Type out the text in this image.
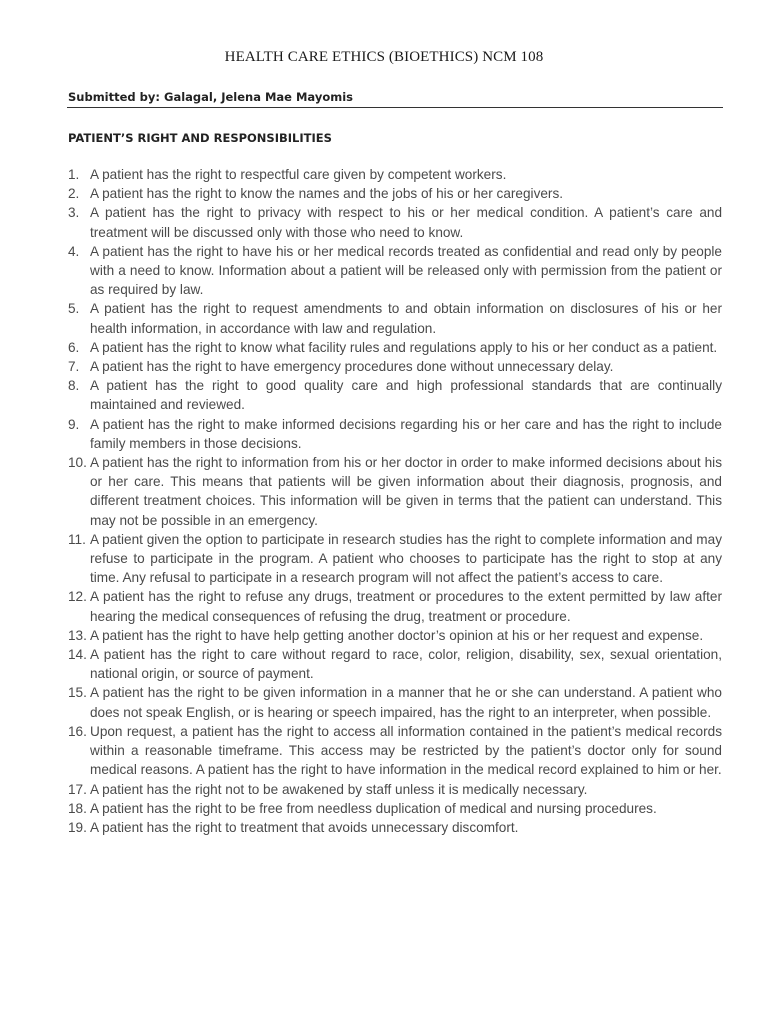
HEALTH CARE ETHICS (BIOETHICS) NCM 108
Submitted by: Galagal, Jelena Mae Mayomis
PATIENT’S RIGHT AND RESPONSIBILITIES
1. A patient has the right to respectful care given by competent workers.
2. A patient has the right to know the names and the jobs of his or her caregivers.
3. A patient has the right to privacy with respect to his or her medical condition. A patient’s care and treatment will be discussed only with those who need to know.
4. A patient has the right to have his or her medical records treated as confidential and read only by people with a need to know. Information about a patient will be released only with permission from the patient or as required by law.
5. A patient has the right to request amendments to and obtain information on disclosures of his or her health information, in accordance with law and regulation.
6. A patient has the right to know what facility rules and regulations apply to his or her conduct as a patient.
7. A patient has the right to have emergency procedures done without unnecessary delay.
8. A patient has the right to good quality care and high professional standards that are continually maintained and reviewed.
9. A patient has the right to make informed decisions regarding his or her care and has the right to include family members in those decisions.
10. A patient has the right to information from his or her doctor in order to make informed decisions about his or her care. This means that patients will be given information about their diagnosis, prognosis, and different treatment choices. This information will be given in terms that the patient can understand. This may not be possible in an emergency.
11. A patient given the option to participate in research studies has the right to complete information and may refuse to participate in the program. A patient who chooses to participate has the right to stop at any time. Any refusal to participate in a research program will not affect the patient’s access to care.
12. A patient has the right to refuse any drugs, treatment or procedures to the extent permitted by law after hearing the medical consequences of refusing the drug, treatment or procedure.
13. A patient has the right to have help getting another doctor’s opinion at his or her request and expense.
14. A patient has the right to care without regard to race, color, religion, disability, sex, sexual orientation, national origin, or source of payment.
15. A patient has the right to be given information in a manner that he or she can understand. A patient who does not speak English, or is hearing or speech impaired, has the right to an interpreter, when possible.
16. Upon request, a patient has the right to access all information contained in the patient’s medical records within a reasonable timeframe. This access may be restricted by the patient’s doctor only for sound medical reasons. A patient has the right to have information in the medical record explained to him or her.
17. A patient has the right not to be awakened by staff unless it is medically necessary.
18. A patient has the right to be free from needless duplication of medical and nursing procedures.
19. A patient has the right to treatment that avoids unnecessary discomfort.
